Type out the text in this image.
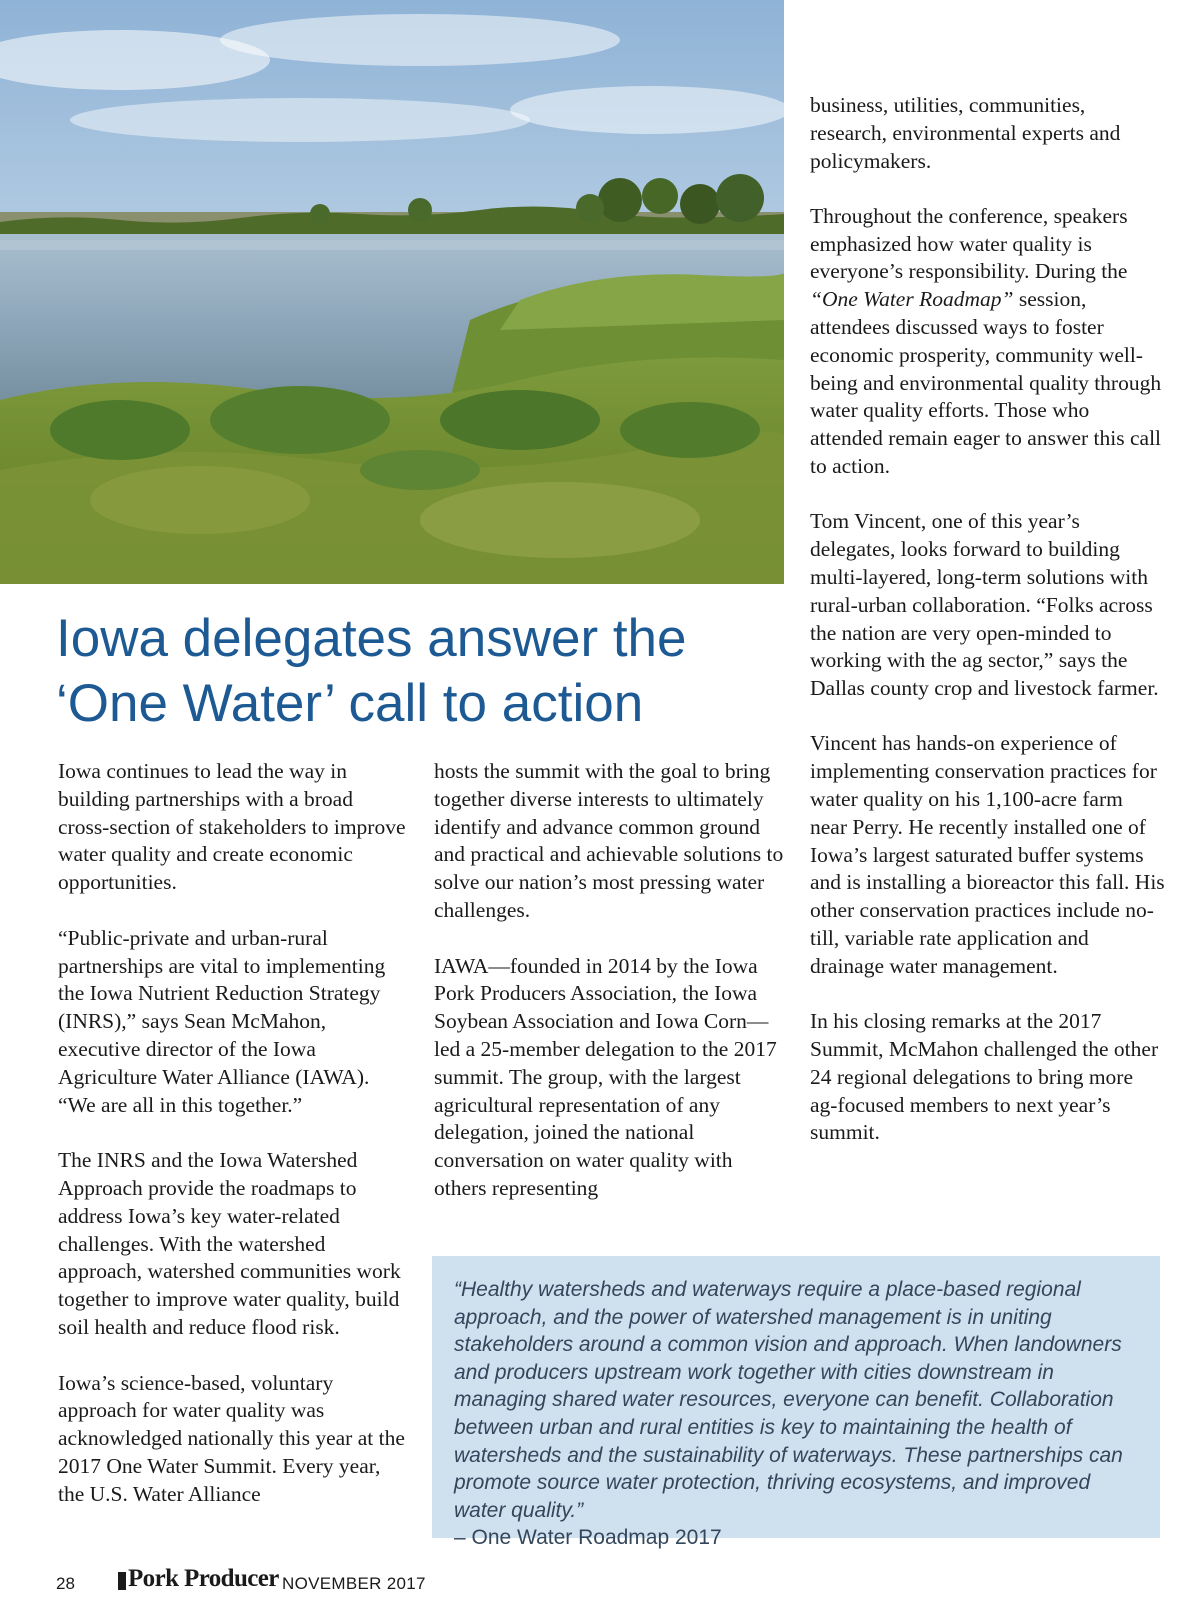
Iowa delegates answer the
‘One Water’ call to action

Iowa continues to lead the way in building partnerships with a broad cross-section of stakeholders to improve water quality and create economic opportunities.

“Public-private and urban-rural partnerships are vital to implementing the Iowa Nutrient Reduction Strategy (INRS),” says Sean McMahon, executive director of the Iowa Agriculture Water Alliance (IAWA). “We are all in this together.”

The INRS and the Iowa Watershed Approach provide the roadmaps to address Iowa’s key water-related challenges. With the watershed approach, watershed communities work together to improve water quality, build soil health and reduce flood risk.

Iowa’s science-based, voluntary approach for water quality was acknowledged nationally this year at the 2017 One Water Summit. Every year, the U.S. Water Alliance

hosts the summit with the goal to bring together diverse interests to ultimately identify and advance common ground and practical and achievable solutions to solve our nation’s most pressing water challenges.

IAWA—founded in 2014 by the Iowa Pork Producers Association, the Iowa Soybean Association and Iowa Corn—led a 25-member delegation to the 2017 summit. The group, with the largest agricultural representation of any delegation, joined the national conversation on water quality with others representing

business, utilities, communities, research, environmental experts and policymakers.

Throughout the conference, speakers emphasized how water quality is everyone’s responsibility. During the “One Water Roadmap” session, attendees discussed ways to foster economic prosperity, community well-being and environmental quality through water quality efforts. Those who attended remain eager to answer this call to action.

Tom Vincent, one of this year’s delegates, looks forward to building multi-layered, long-term solutions with rural-urban collaboration. “Folks across the nation are very open-minded to working with the ag sector,” says the Dallas county crop and livestock farmer.

Vincent has hands-on experience of implementing conservation practices for water quality on his 1,100-acre farm near Perry. He recently installed one of Iowa’s largest saturated buffer systems and is installing a bioreactor this fall. His other conservation practices include no-till, variable rate application and drainage water management.

In his closing remarks at the 2017 Summit, McMahon challenged the other 24 regional delegations to bring more ag-focused members to next year’s summit.

“Healthy watersheds and waterways require a place-based regional approach, and the power of watershed management is in uniting stakeholders around a common vision and approach. When landowners and producers upstream work together with cities downstream in managing shared water resources, everyone can benefit. Collaboration between urban and rural entities is key to maintaining the health of watersheds and the sustainability of waterways. These partnerships can promote source water protection, thriving ecosystems, and improved water quality.”

– One Water Roadmap 2017

28 Pork Producer NOVEMBER 2017
